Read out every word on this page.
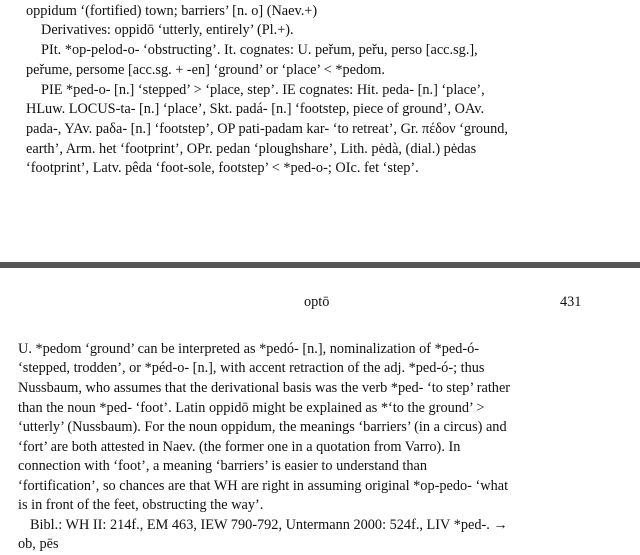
oppidum ‘(fortified) town; barriers’ [n. o] (Naev.+)
Derivatives: oppidō ‘utterly, entirely’ (Pl.+).
PIt. *op-pelod-o- ‘obstructing’. It. cognates: U. peřum, peřu, perso [acc.sg.],
peřume, persome [acc.sg. + -en] ‘ground’ or ‘place’ < *pedom.
PIE *ped-o- [n.] ‘stepped’ > ‘place, step’. IE cognates: Hit. peda- [n.] ‘place’,
HLuw. LOCUS-ta- [n.] ‘place’, Skt. padá- [n.] ‘footstep, piece of ground’, OAv.
pada-, YAv. paδa- [n.] ‘footstep’, OP pati-padam kar- ‘to retreat’, Gr. πέδον ‘ground,
earth’, Arm. het ‘footprint’, OPr. pedan ‘ploughshare’, Lith. pėdà, (dial.) pėdas
‘footprint’, Latv. pêda ‘foot-sole, footstep’ < *ped-o-; OIc. fet ‘step’.
optō	431
U. *pedom ‘ground’ can be interpreted as *pedó- [n.], nominalization of *ped-ó-
‘stepped, trodden’, or *péd-o- [n.], with accent retraction of the adj. *ped-ó-; thus
Nussbaum, who assumes that the derivational basis was the verb *ped- ‘to step’ rather
than the noun *ped- ‘foot’. Latin oppidō might be explained as *‘to the ground’ >
‘utterly’ (Nussbaum). For the noun oppidum, the meanings ‘barriers’ (in a circus) and
‘fort’ are both attested in Naev. (the former one in a quotation from Varro). In
connection with ‘foot’, a meaning ‘barriers’ is easier to understand than
‘fortification’, so chances are that WH are right in assuming original *op-pedo- ‘what
is in front of the feet, obstructing the way’.
Bibl.: WH II: 214f., EM 463, IEW 790-792, Untermann 2000: 524f., LIV *ped-. →
ob, pēs
